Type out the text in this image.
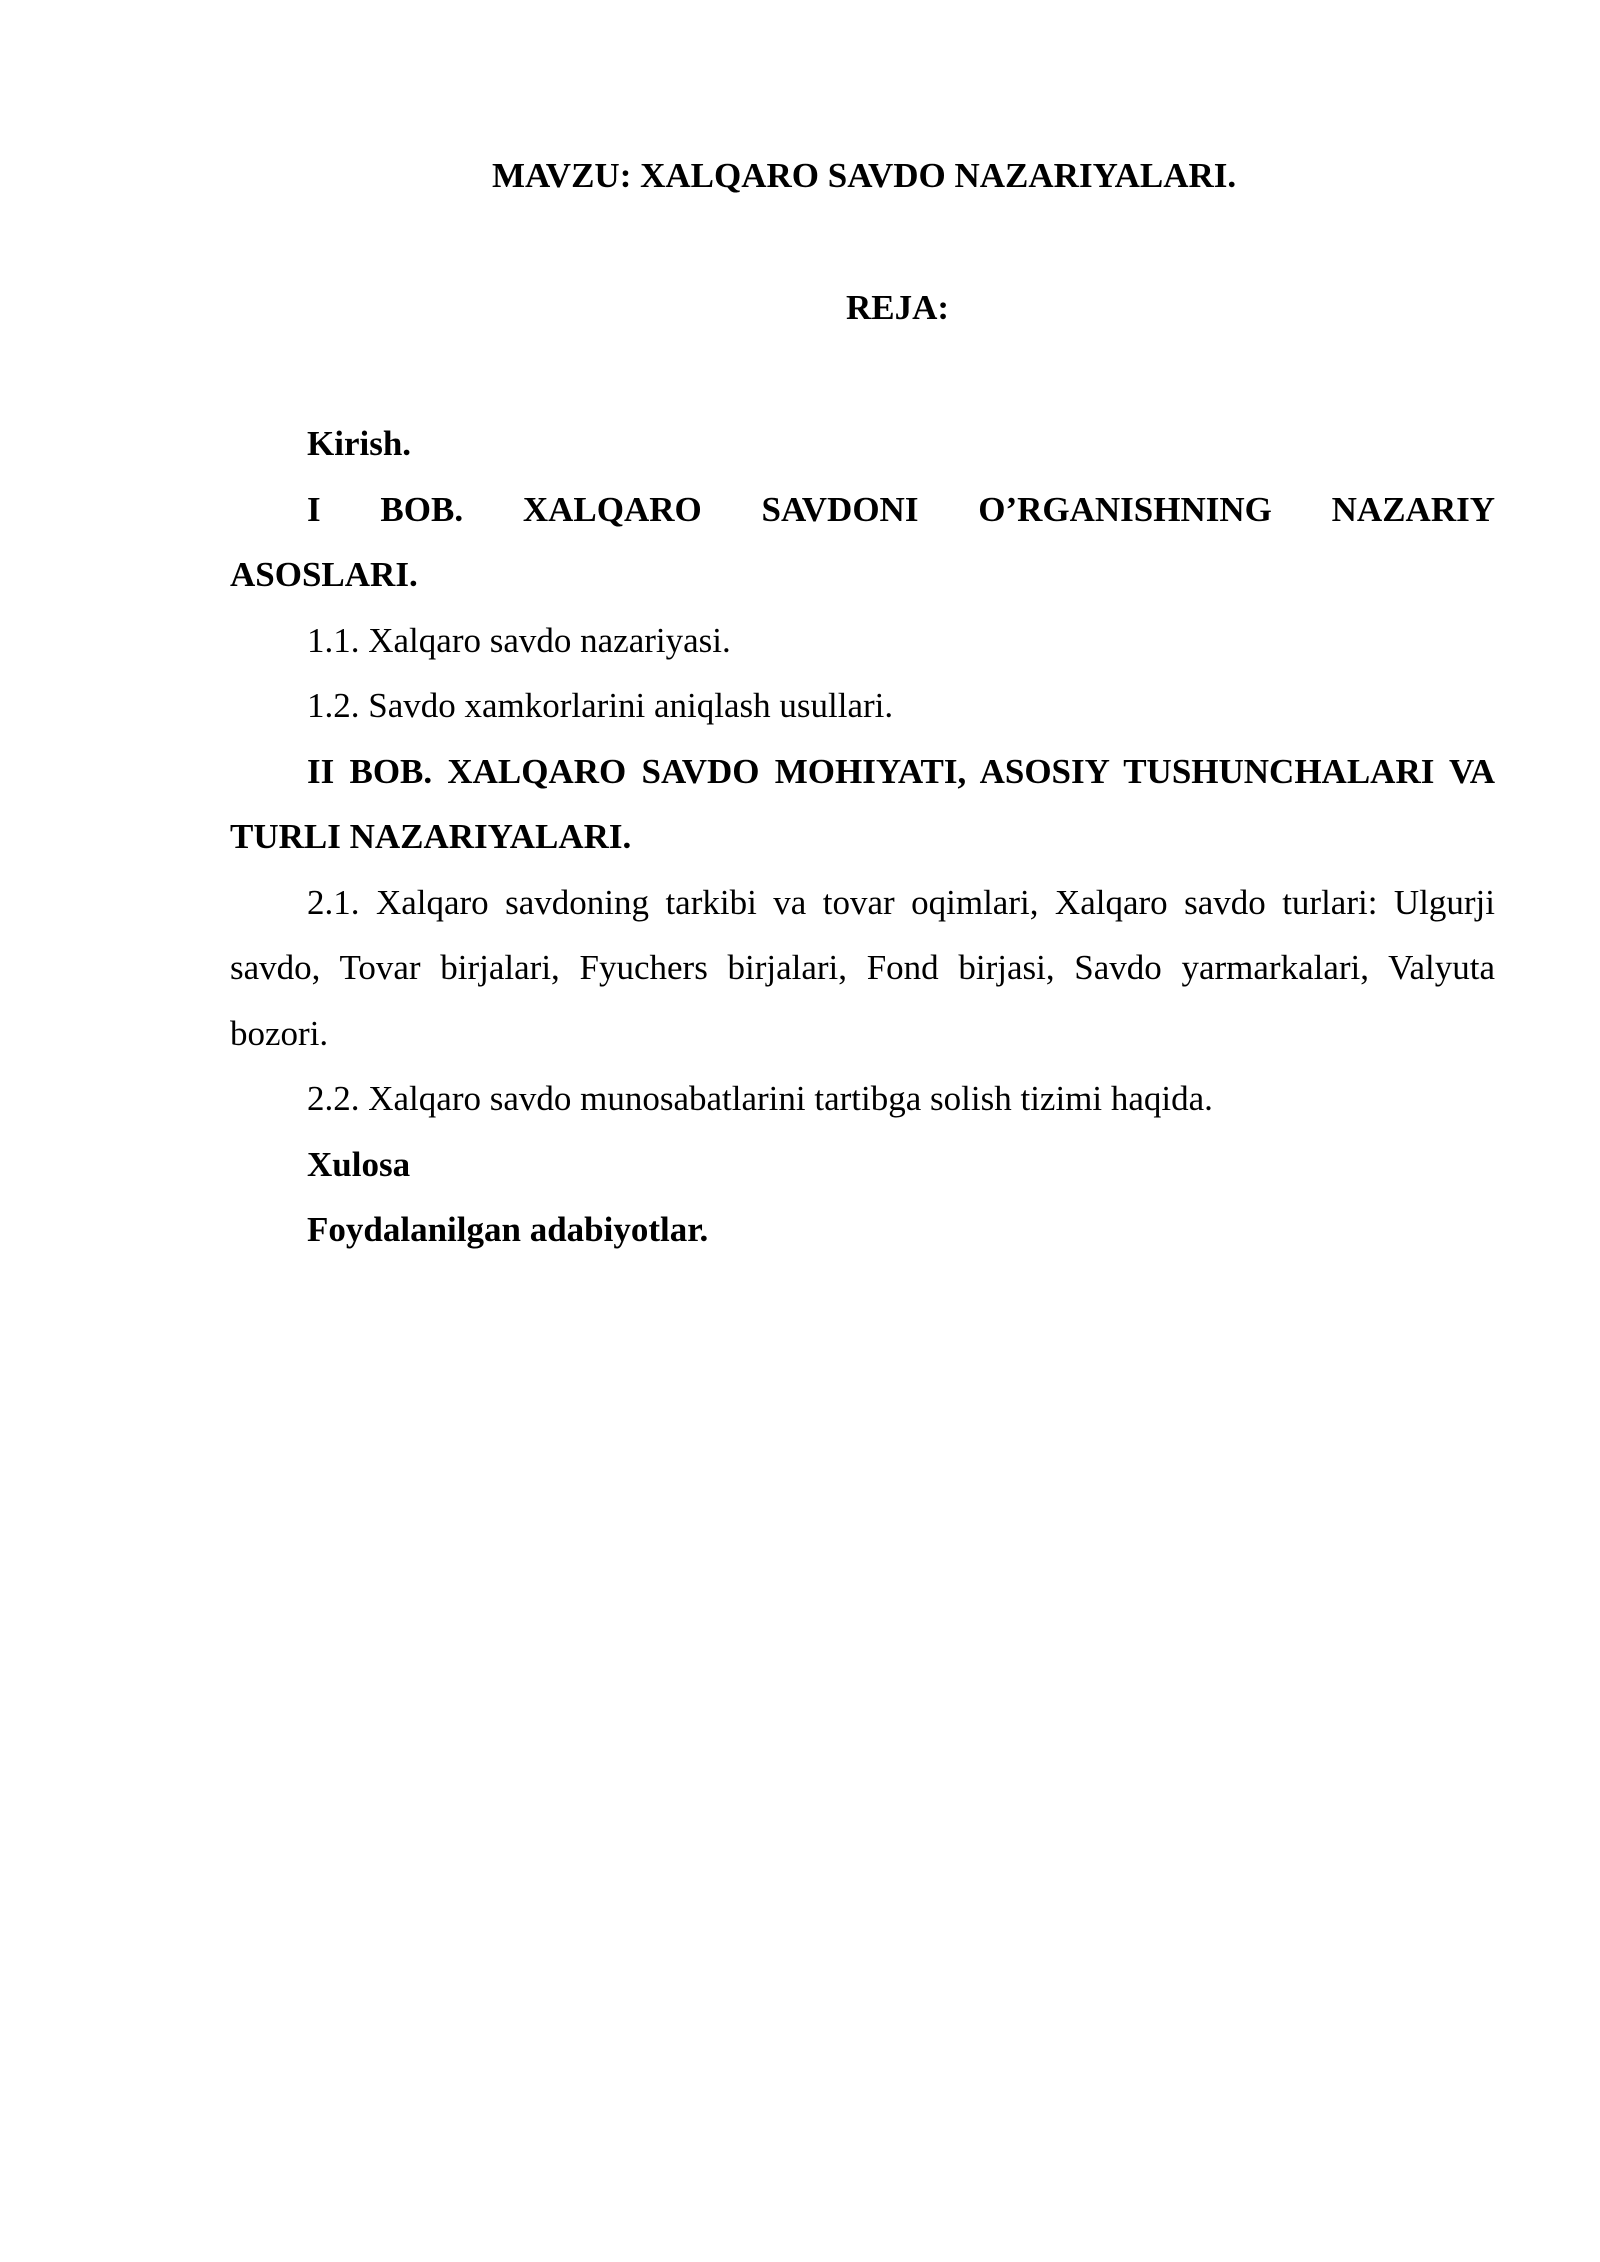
MAVZU: XALQARO SAVDO NAZARIYALARI.
REJA:

Kirish.

I BOB. XALQARO SAVDONI O’RGANISHNING NAZARIY

ASOSLARI.

1.1. Xalqaro savdo nazariyasi.

1.2. Savdo xamkorlarini aniqlash usullari.

II BOB. XALQARO SAVDO MOHIYATI, ASOSIY TUSHUNCHALARI VA TURLI NAZARIYALARI.

2.1. Xalqaro savdoning tarkibi va tovar oqimlari, Xalqaro savdo turlari: Ulgurji savdo, Tovar birjalari, Fyuchers birjalari, Fond birjasi, Savdo yarmarkalari, Valyuta bozori.

2.2. Xalqaro savdo munosabatlarini tartibga solish tizimi haqida.

Xulosa

Foydalanilgan adabiyotlar.
